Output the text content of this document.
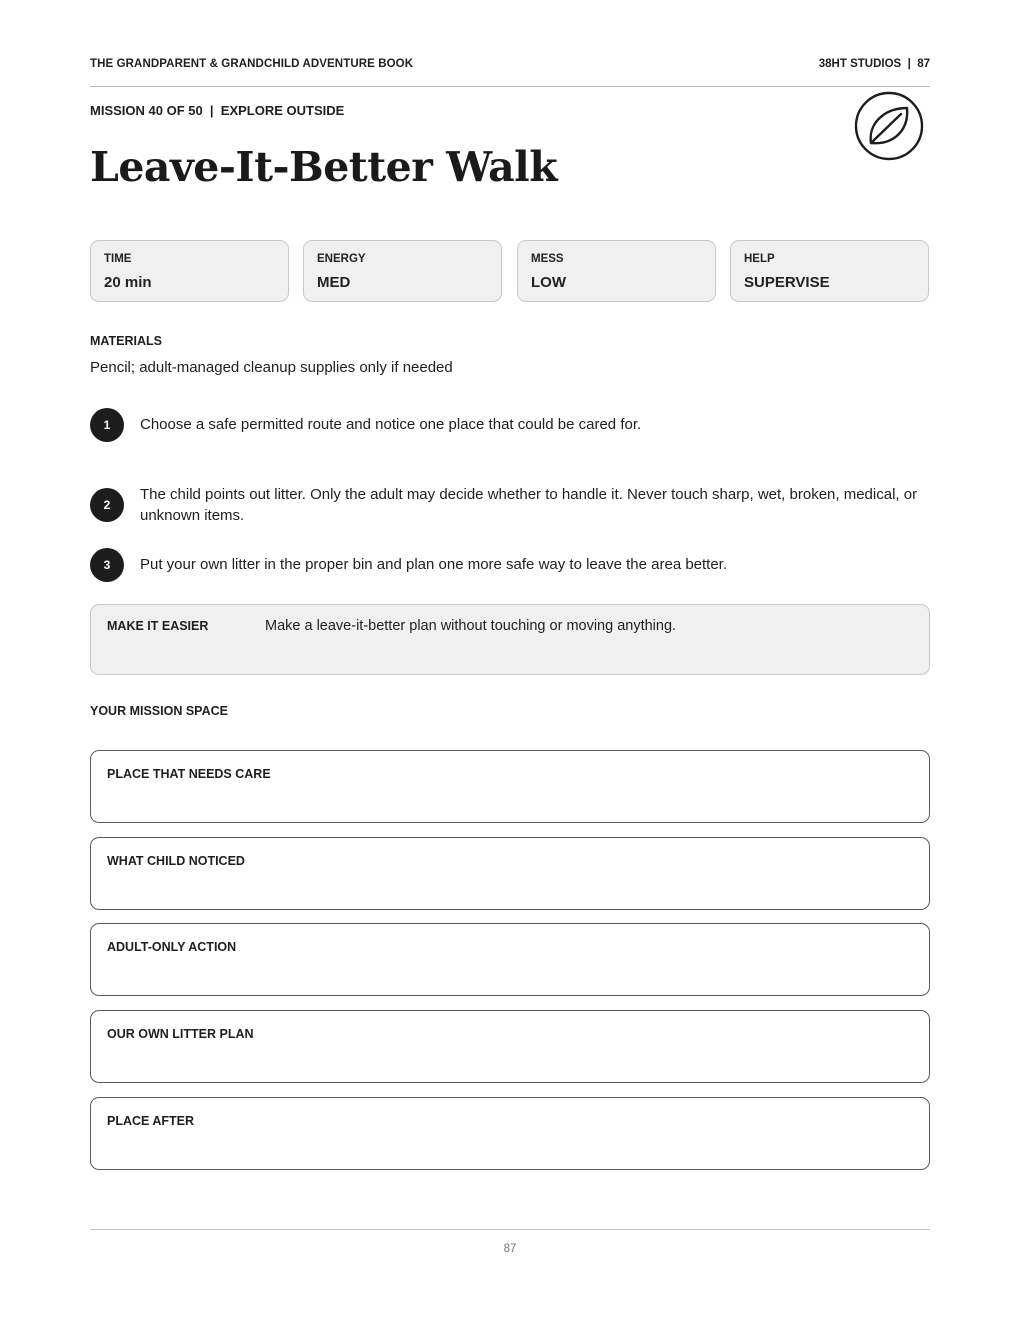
THE GRANDPARENT & GRANDCHILD ADVENTURE BOOK	38HT STUDIOS  |  87
MISSION 40 OF 50  |  EXPLORE OUTSIDE
Leave-It-Better Walk
TIME
20 min
ENERGY
MED
MESS
LOW
HELP
SUPERVISE
MATERIALS
Pencil; adult-managed cleanup supplies only if needed
1	Choose a safe permitted route and notice one place that could be cared for.
2
The child points out litter. Only the adult may decide whether to handle it. Never touch sharp, wet, broken, medical, or unknown items.
3	Put your own litter in the proper bin and plan one more safe way to leave the area better.
MAKE IT EASIER	Make a leave-it-better plan without touching or moving anything.
YOUR MISSION SPACE
PLACE THAT NEEDS CARE
WHAT CHILD NOTICED
ADULT-ONLY ACTION
OUR OWN LITTER PLAN
PLACE AFTER
87
